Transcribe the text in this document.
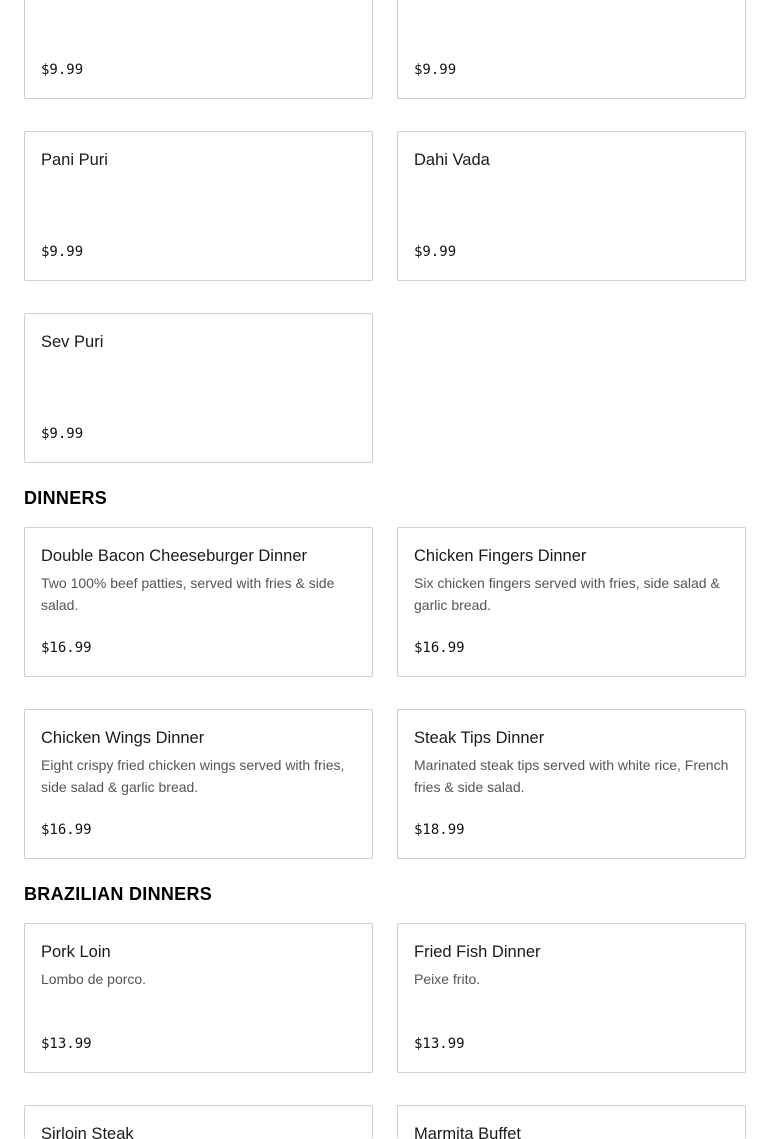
$9.99	$9.99
Pani Puri
$9.99
Dahi Vada
$9.99
Sev Puri
$9.99
DINNERS
Double Bacon Cheeseburger Dinner
Two 100% beef patties, served with fries & side salad.
$16.99
Chicken Fingers Dinner
Six chicken fingers served with fries, side salad & garlic bread.
$16.99
Chicken Wings Dinner
Eight crispy fried chicken wings served with fries, side salad & garlic bread.
$16.99
Steak Tips Dinner
Marinated steak tips served with white rice, French fries & side salad.
$18.99
BRAZILIAN DINNERS
Pork Loin
Lombo de porco.
$13.99
Fried Fish Dinner
Peixe frito.
$13.99
Sirloin Steak	Marmita Buffet
